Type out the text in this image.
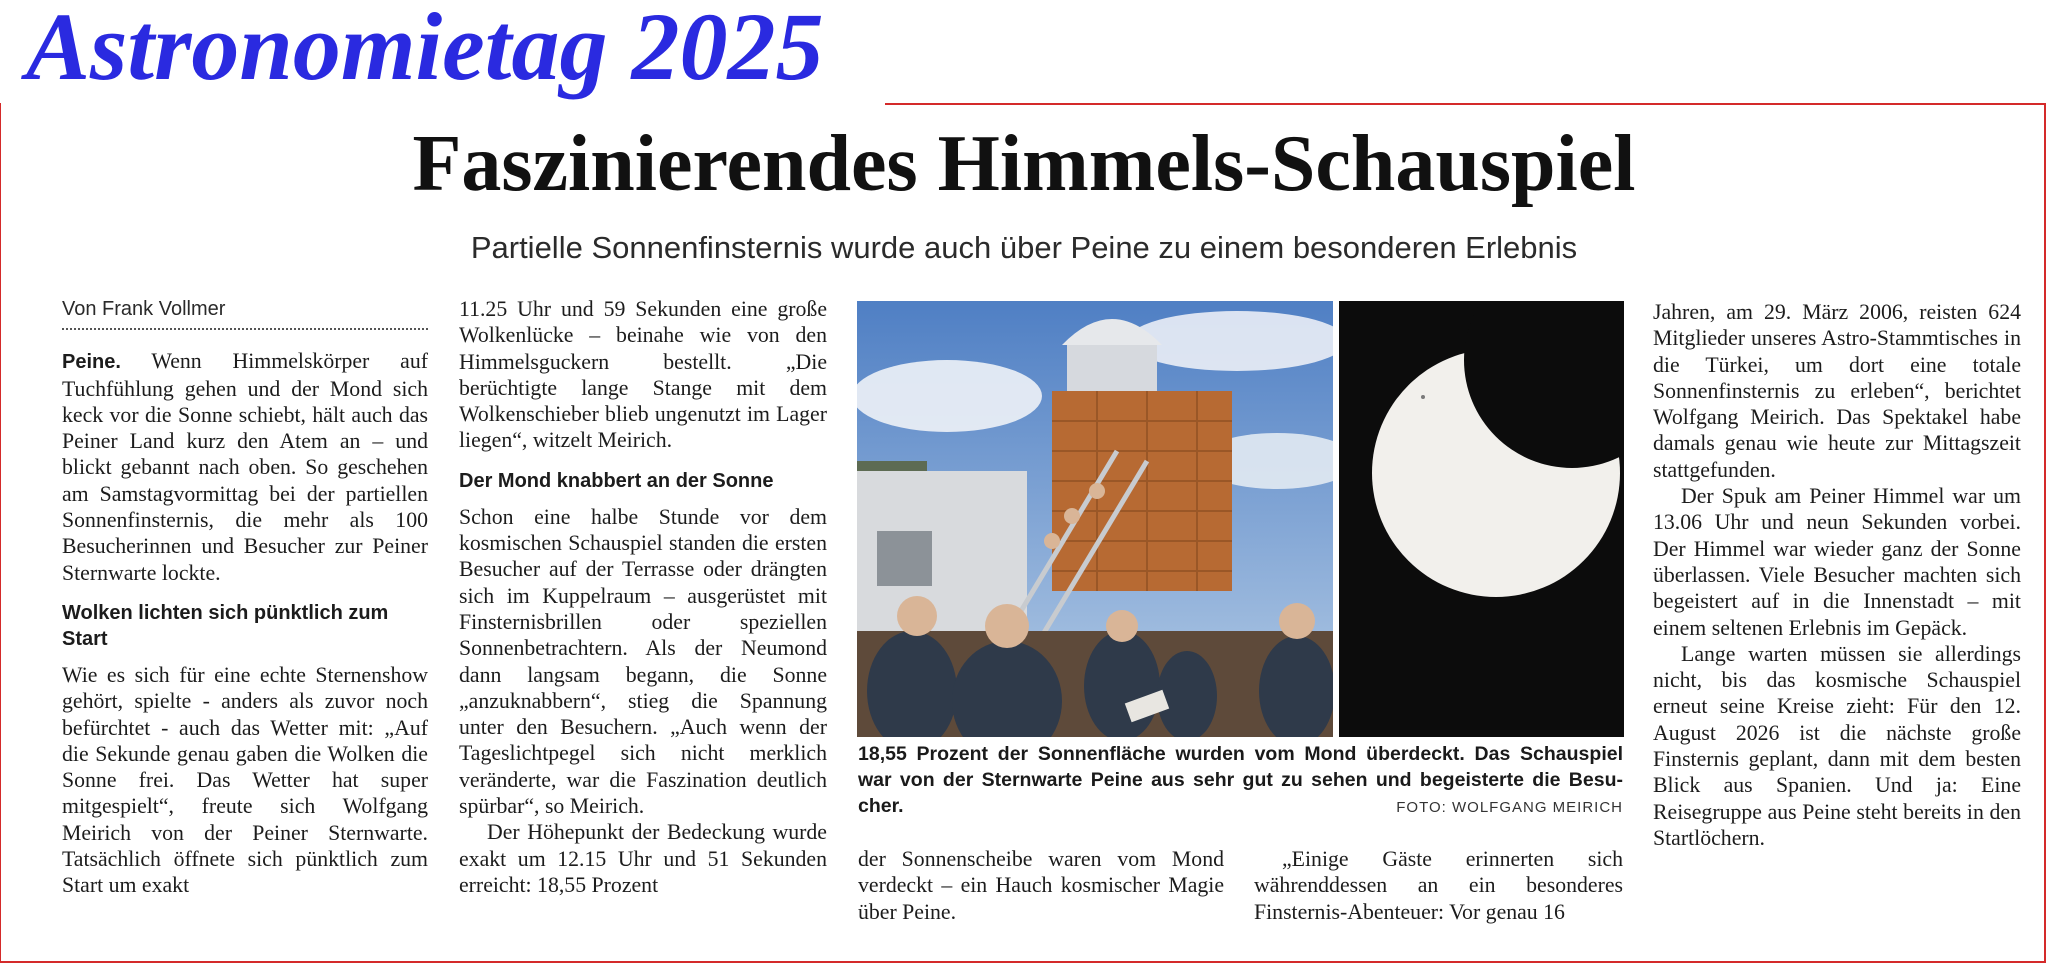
Astronomietag 2025
Faszinierendes Himmels-Schauspiel
Partielle Sonnenfinsternis wurde auch über Peine zu einem besonderen Erlebnis
Von Frank Vollmer

Peine. Wenn Himmelskörper auf Tuchfühlung gehen und der Mond sich keck vor die Sonne schiebt, hält auch das Peiner Land kurz den Atem an – und blickt gebannt nach oben. So geschehen am Samstagvormittag bei der partiellen Sonnenfinsternis, die mehr als 100 Besucherinnen und Besucher zur Peiner Sternwarte lockte.

Wolken lichten sich pünktlich zum Start

Wie es sich für eine echte Sternenshow gehört, spielte - anders als zuvor noch befürchtet - auch das Wetter mit: „Auf die Sekunde genau gaben die Wolken die Sonne frei. Das Wetter hat super mitgespielt“, freute sich Wolfgang Meirich von der Peiner Sternwarte. Tatsächlich öffnete sich pünktlich zum Start um exakt

11.25 Uhr und 59 Sekunden eine große Wolkenlücke – beinahe wie von den Himmelsguckern bestellt. „Die berüchtigte lange Stange mit dem Wolkenschieber blieb ungenutzt im Lager liegen“, witzelt Meirich.

Der Mond knabbert an der Sonne

Schon eine halbe Stunde vor dem kosmischen Schauspiel standen die ersten Besucher auf der Terrasse oder drängten sich im Kuppelraum – ausgerüstet mit Finsternisbrillen oder speziellen Sonnenbetrachtern. Als der Neumond dann langsam begann, die Sonne „anzuknabbern“, stieg die Spannung unter den Besuchern. „Auch wenn der Tageslichtpegel sich nicht merklich veränderte, war die Faszination deutlich spürbar“, so Meirich.

Der Höhepunkt der Bedeckung wurde exakt um 12.15 Uhr und 51 Sekunden erreicht: 18,55 Prozent

18,55 Prozent der Sonnenfläche wurden vom Mond überdeckt. Das Schauspiel war von der Sternwarte Peine aus sehr gut zu sehen und begeisterte die Besucher.	FOTO: WOLFGANG MEIRICH

der Sonnenscheibe waren vom Mond verdeckt – ein Hauch kosmischer Magie über Peine.

„Einige Gäste erinnerten sich währenddessen an ein besonderes Finsternis-Abenteuer: Vor genau 16

Jahren, am 29. März 2006, reisten 624 Mitglieder unseres Astro-Stammtisches in die Türkei, um dort eine totale Sonnenfinsternis zu erleben“, berichtet Wolfgang Meirich. Das Spektakel habe damals genau wie heute zur Mittagszeit stattgefunden.

Der Spuk am Peiner Himmel war um 13.06 Uhr und neun Sekunden vorbei. Der Himmel war wieder ganz der Sonne überlassen. Viele Besucher machten sich begeistert auf in die Innenstadt – mit einem seltenen Erlebnis im Gepäck.

Lange warten müssen sie allerdings nicht, bis das kosmische Schauspiel erneut seine Kreise zieht: Für den 12. August 2026 ist die nächste große Finsternis geplant, dann mit dem besten Blick aus Spanien. Und ja: Eine Reisegruppe aus Peine steht bereits in den Startlöchern.
